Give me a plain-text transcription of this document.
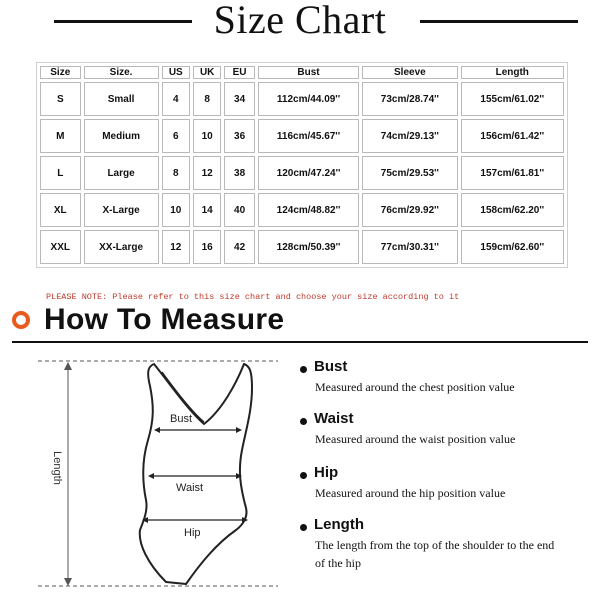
Size Chart
Size	Size.	US	UK	EU	Bust	Sleeve	Length
S	Small	4	8	34	112cm/44.09''	73cm/28.74''	155cm/61.02''
M	Medium	6	10	36	116cm/45.67''	74cm/29.13''	156cm/61.42''
L	Large	8	12	38	120cm/47.24''	75cm/29.53''	157cm/61.81''
XL	X-Large	10	14	40	124cm/48.82''	76cm/29.92''	158cm/62.20''
XXL	XX-Large	12	16	42	128cm/50.39''	77cm/30.31''	159cm/62.60''
PLEASE NOTE: Please refer to this size chart and choose your size according to it
How To Measure
Length
Bust
Waist
Hip
Bust
Measured around the chest position value
Waist
Measured around the waist position value
Hip
Measured around the hip position value
Length
The length from the top of the shoulder to the end of the hip
